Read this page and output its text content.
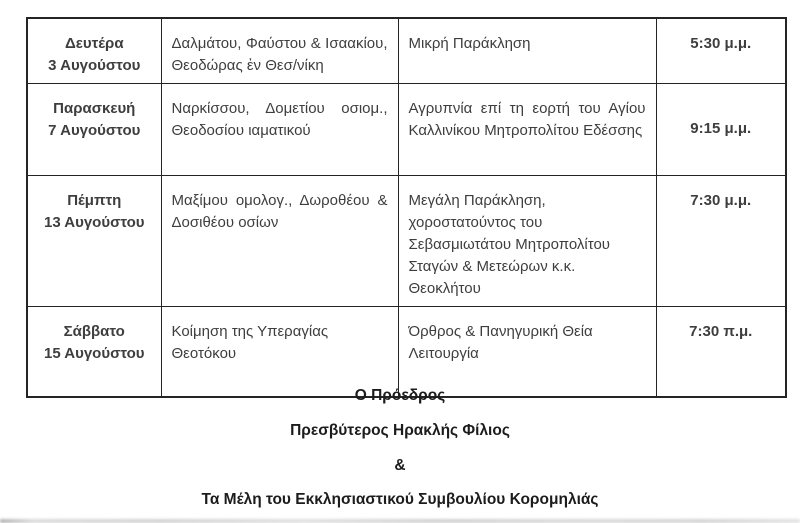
Δευτέρα
3 Αυγούστου	Δαλμάτου, Φαύστου & Ισαακίου, Θεοδώρας ἐν Θεσ/νίκη	Μικρή Παράκληση	5:30 μ.μ.

Παρασκευή
7 Αυγούστου	Ναρκίσσου, Δομετίου οσιομ., Θεοδοσίου ιαματικού	Αγρυπνία επί τη εορτή του Αγίου Καλλινίκου Μητροπολίτου Εδέσσης	9:15 μ.μ.

Πέμπτη
13 Αυγούστου	Μαξίμου ομολογ., Δωροθέου & Δοσιθέου οσίων	Μεγάλη Παράκληση, χοροστατούντος του Σεβασμιωτάτου Μητροπολίτου Σταγών & Μετεώρων κ.κ. Θεοκλήτου	7:30 μ.μ.

Σάββατο
15 Αυγούστου	Κοίμηση της Υπεραγίας Θεοτόκου	Όρθρος & Πανηγυρική Θεία Λειτουργία	7:30 π.μ.
Ο Πρόεδρος
Πρεσβύτερος Ηρακλής Φίλιος
&
Τα Μέλη του Εκκλησιαστικού Συμβουλίου Κορομηλιάς
